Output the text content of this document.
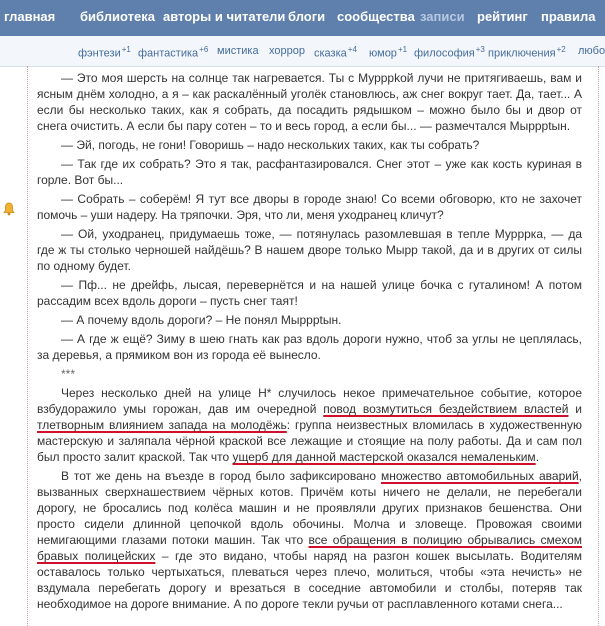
главная библиотека авторы и читатели блоги сообщества записи рейтинг правила
фэнтези$^{+1}$ фантастика$^{+6}$ мистика хоррор сказка$^{+4}$ юмор$^{+1}$ философия$^{+3}$ приключения$^{+2}$ любо

— Это моя шерсть на солнце так нагревается. Ты с Мурррkой лучи не притягиваешь, вам и ясным днём холодно, а я – как раскалённый уголёк становлюсь, аж снег вокруг тает. Да, тает... А если бы несколько таких, как я собрать, да посадить рядышком – можно было бы и двор от снега очистить. А если бы пару сотен – то и весь город, а если бы... — размечтался Мырррtын.

— Эй, погодь, не гони! Говоришь – надо нескольких таких, как ты собрать?

— Так где их собрать? Это я так, расфантазировался. Снег этот – уже как кость куриная в горле. Вот бы...

— Собрать – соберём! Я тут все дворы в городе знаю! Со всеми обговорю, кто не захочет помочь – уши надеру. На тряпочки. Эря, что ли, меня уходранец кличут?

— Ой, уходранец, придумаешь тоже, — потянулась разомлевшая в тепле Мурррка, — да где ж ты столько черношей найдёшь? В нашем дворе только Мырр такой, да и в других от силы по одному будет.

— Пф... не дрейфь, лысая, перевернётся и на нашей улице бочка с гуталином! А потом рассадим всех вдоль дороги – пусть снег таят!

— А почему вдоль дороги? – Не понял Мырррtын.

— А где ж ещё? Зиму в шею гнать как раз вдоль дороги нужно, чтоб за углы не цеплялась, за деревья, а прямиком вон из города её вынесло.

***

Через несколько дней на улице Н* случилось некое примечательное событие, которое взбудоражило умы горожан, дав им очередной повод возмутиться бездействием властей и тлетворным влиянием запада на молодёжь: группа неизвестных вломилась в художественную мастерскую и заляпала чёрной краской все лежащие и стоящие на полу работы. Да и сам пол был просто залит краской. Так что ущерб для данной мастерской оказался немаленьким.

В тот же день на въезде в город было зафиксировано множество автомобильных аварий, вызванных сверхнашествием чёрных котов. Причём коты ничего не делали, не перебегали дорогу, не бросались под колёса машин и не проявляли других признаков бешенства. Они просто сидели длинной цепочкой вдоль обочины. Молча и зловеще. Провожая своими немигающими глазами потоки машин. Так что все обращения в полицию обрывались смехом бравых полицейских – где это видано, чтобы наряд на разгон кошек высылать. Водителям оставалось только чертыхаться, плеваться через плечо, молиться, чтобы «эта нечисть» не вздумала перебегать дорогу и врезаться в соседние автомобили и столбы, потеряв так необходимое на дороге внимание. А по дороге текли ручьи от расплавленного котами снега...
